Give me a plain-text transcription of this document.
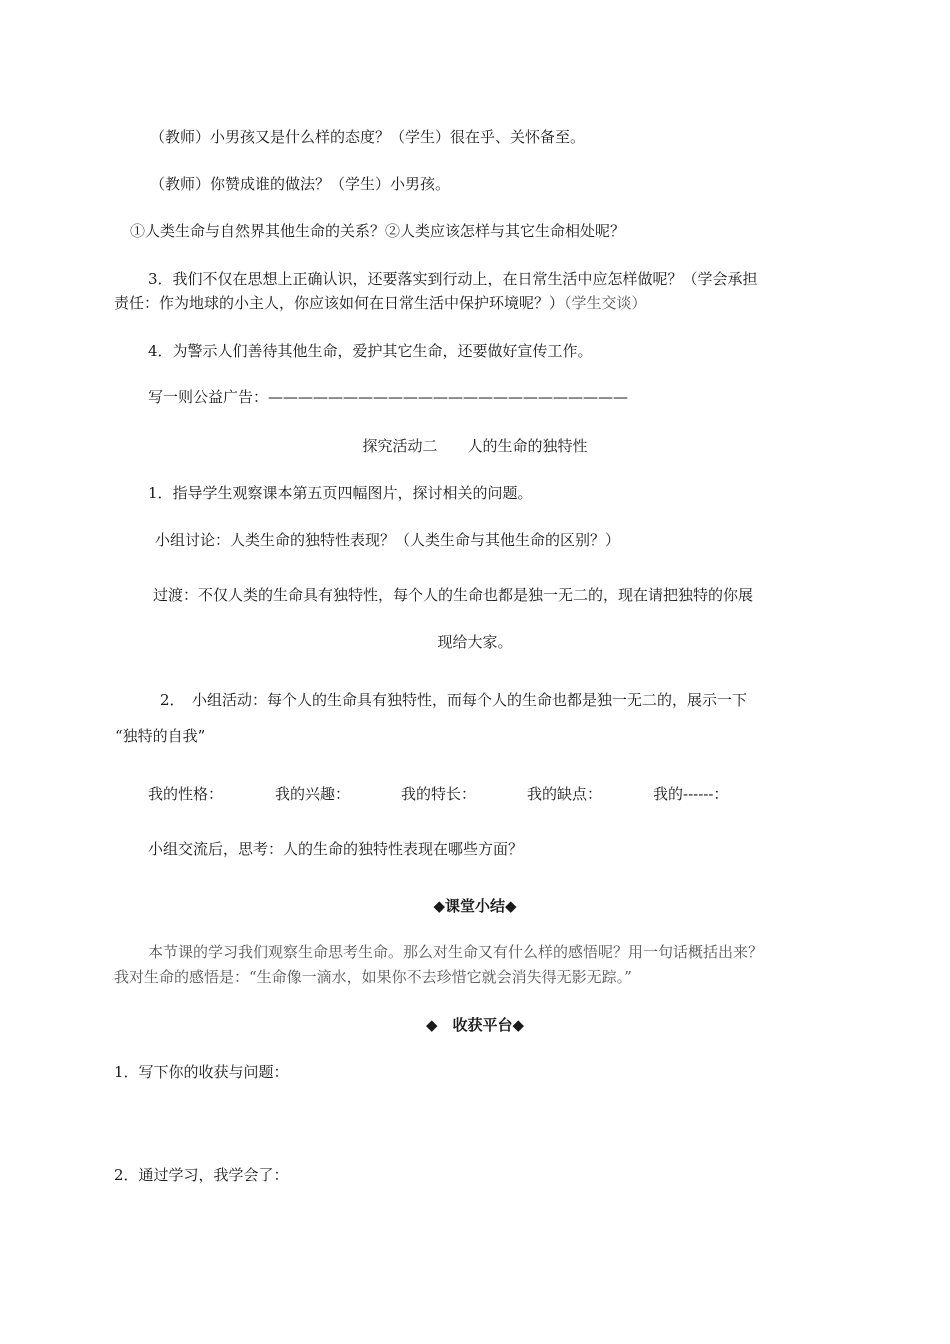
（教师）小男孩又是什么样的态度？（学生）很在乎、关怀备至。
（教师）你赞成谁的做法？（学生）小男孩。
①人类生命与自然界其他生命的关系？②人类应该怎样与其它生命相处呢？
3．我们不仅在思想上正确认识，还要落实到行动上，在日常生活中应怎样做呢？（学会承担
责任：作为地球的小主人，你应该如何在日常生活中保护环境呢？）（学生交谈）
4．为警示人们善待其他生命，爱护其它生命，还要做好宣传工作。
写一则公益广告：————————————————————————
探究活动二　　人的生命的独特性
1．指导学生观察课本第五页四幅图片，探讨相关的问题。
小组讨论：人类生命的独特性表现？（人类生命与其他生命的区别？）
过渡：不仅人类的生命具有独特性，每个人的生命也都是独一无二的，现在请把独特的你展
现给大家。
2．　小组活动：每个人的生命具有独特性，而每个人的生命也都是独一无二的，展示一下
“独特的自我”
我的性格：	我的兴趣：	我的特长：	我的缺点：	我的------：
小组交流后，思考：人的生命的独特性表现在哪些方面？
◆课堂小结◆
本节课的学习我们观察生命思考生命。那么对生命又有什么样的感悟呢？用一句话概括出来？
我对生命的感悟是：“生命像一滴水，如果你不去珍惜它就会消失得无影无踪。”
◆　收获平台◆
1．写下你的收获与问题：
2．通过学习，我学会了：
